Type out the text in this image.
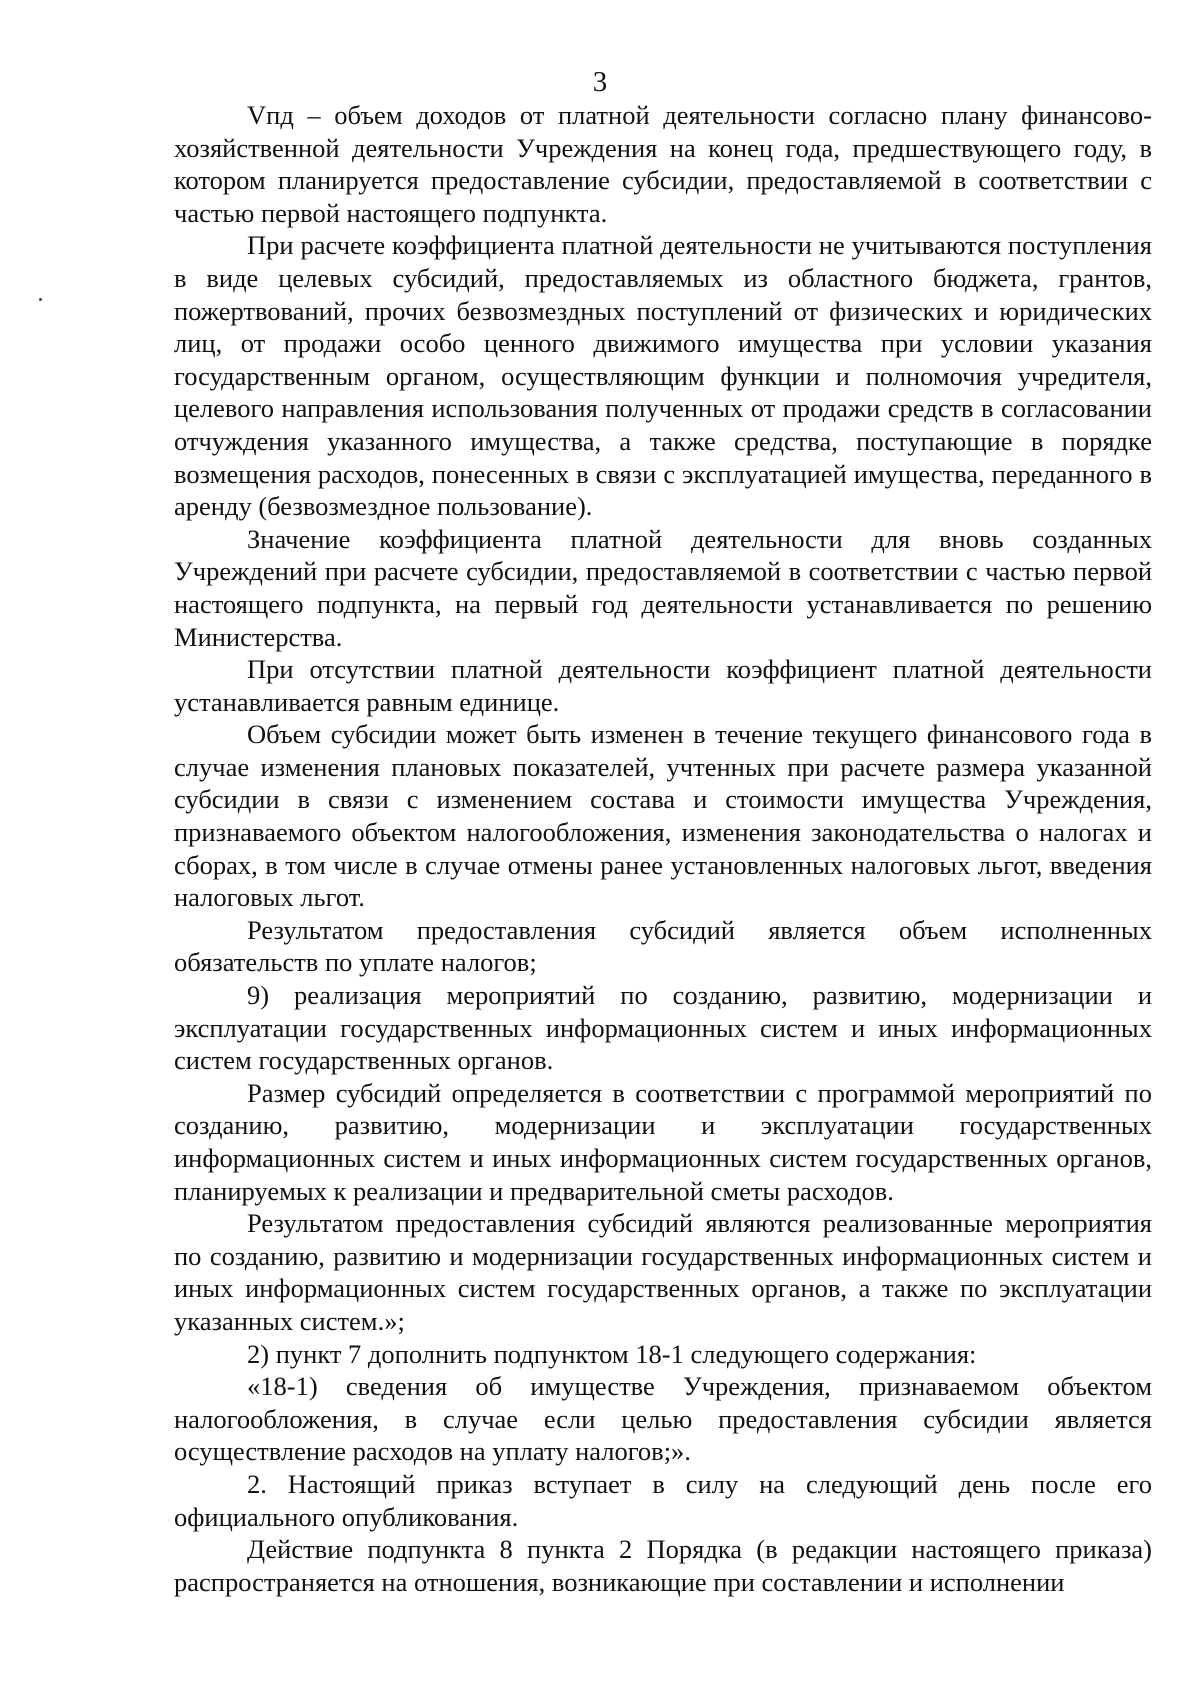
3

Vпд – объем доходов от платной деятельности согласно плану финансово-хозяйственной деятельности Учреждения на конец года, предшествующего году, в котором планируется предоставление субсидии, предоставляемой в соответствии с частью первой настоящего подпункта.

При расчете коэффициента платной деятельности не учитываются поступления в виде целевых субсидий, предоставляемых из областного бюджета, грантов, пожертвований, прочих безвозмездных поступлений от физических и юридических лиц, от продажи особо ценного движимого имущества при условии указания государственным органом, осуществляющим функции и полномочия учредителя, целевого направления использования полученных от продажи средств в согласовании отчуждения указанного имущества, а также средства, поступающие в порядке возмещения расходов, понесенных в связи с эксплуатацией имущества, переданного в аренду (безвозмездное пользование).

Значение коэффициента платной деятельности для вновь созданных Учреждений при расчете субсидии, предоставляемой в соответствии с частью первой настоящего подпункта, на первый год деятельности устанавливается по решению Министерства.

При отсутствии платной деятельности коэффициент платной деятельности устанавливается равным единице.

Объем субсидии может быть изменен в течение текущего финансового года в случае изменения плановых показателей, учтенных при расчете размера указанной субсидии в связи с изменением состава и стоимости имущества Учреждения, признаваемого объектом налогообложения, изменения законодательства о налогах и сборах, в том числе в случае отмены ранее установленных налоговых льгот, введения налоговых льгот.

Результатом предоставления субсидий является объем исполненных обязательств по уплате налогов;

9) реализация мероприятий по созданию, развитию, модернизации и эксплуатации государственных информационных систем и иных информационных систем государственных органов.

Размер субсидий определяется в соответствии с программой мероприятий по созданию, развитию, модернизации и эксплуатации государственных информационных систем и иных информационных систем государственных органов, планируемых к реализации и предварительной сметы расходов.

Результатом предоставления субсидий являются реализованные мероприятия по созданию, развитию и модернизации государственных информационных систем и иных информационных систем государственных органов, а также по эксплуатации указанных систем.»;

2) пункт 7 дополнить подпунктом 18-1 следующего содержания:

«18-1) сведения об имуществе Учреждения, признаваемом объектом налогообложения, в случае если целью предоставления субсидии является осуществление расходов на уплату налогов;».

2. Настоящий приказ вступает в силу на следующий день после его официального опубликования.

Действие подпункта 8 пункта 2 Порядка (в редакции настоящего приказа) распространяется на отношения, возникающие при составлении и исполнении
